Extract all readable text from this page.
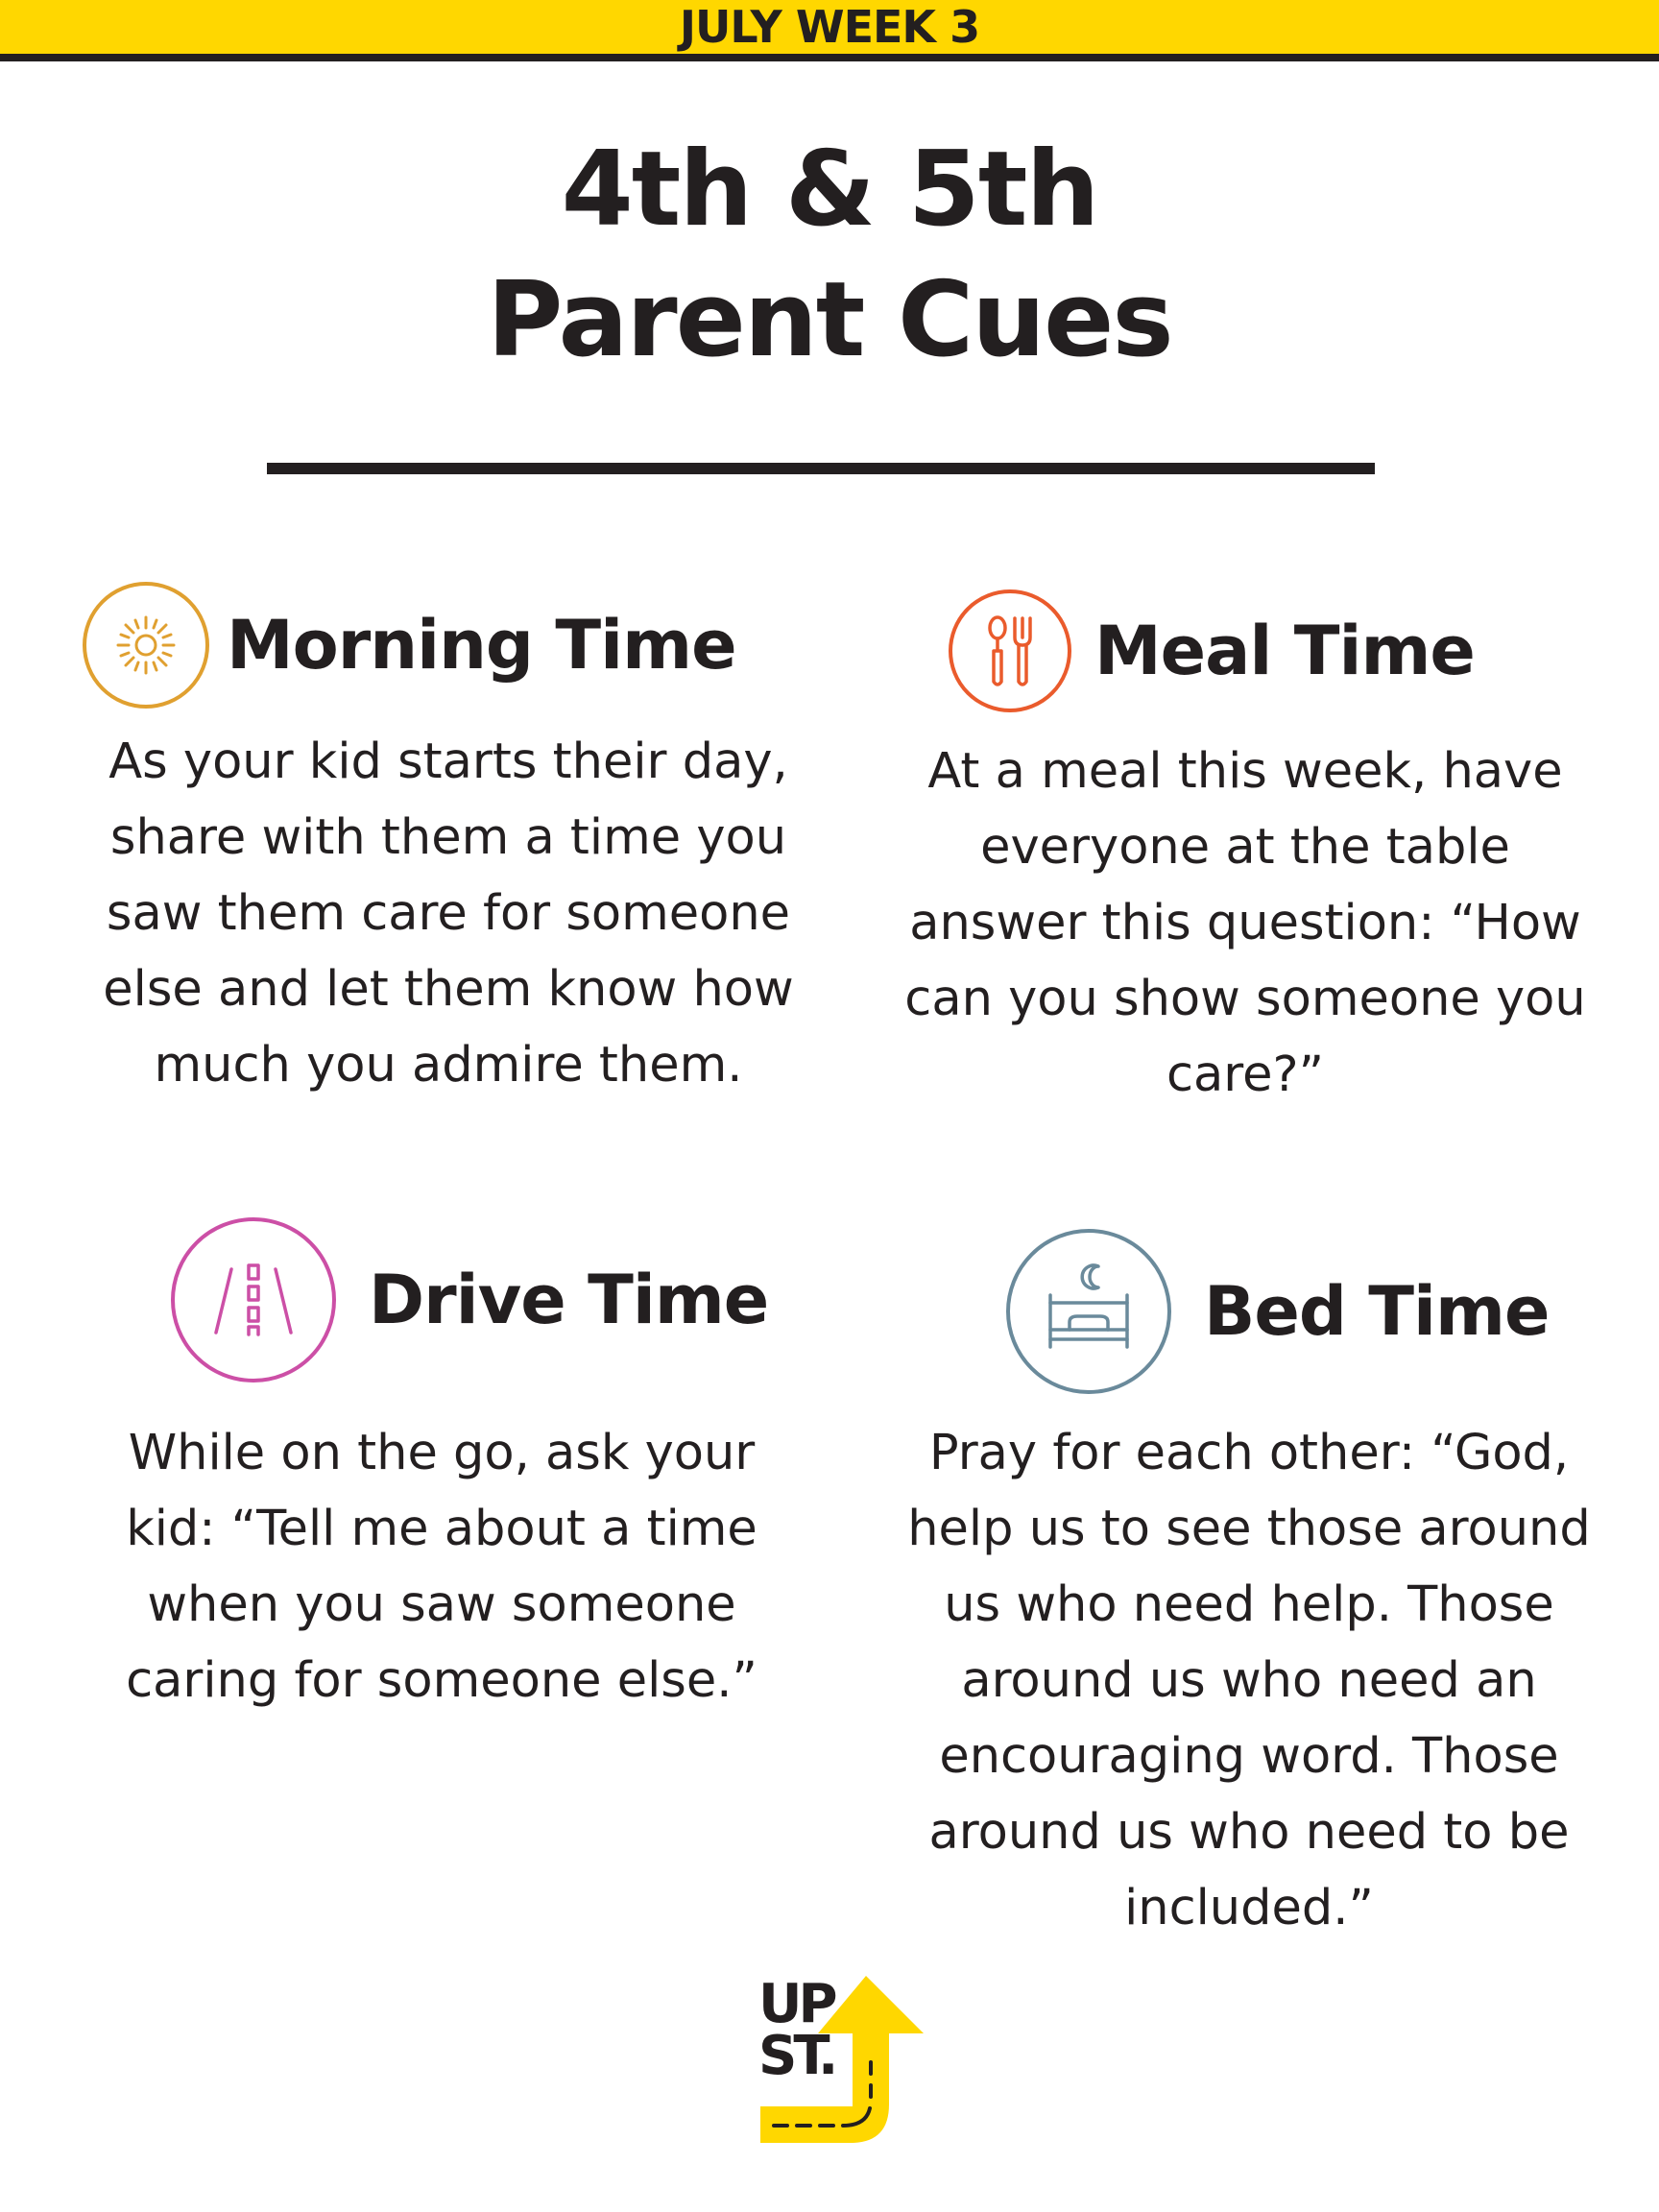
JULY WEEK 3
4th & 5th
Parent Cues
Morning Time
As your kid starts their day, share with them a time you saw them care for someone else and let them know how much you admire them.
Meal Time
At a meal this week, have everyone at the table answer this question: “How can you show someone you care?”
Drive Time
While on the go, ask your kid: “Tell me about a time when you saw someone caring for someone else.”
Bed Time
Pray for each other: “God, help us to see those around us who need help. Those around us who need an encouraging word. Those around us who need to be included.”
UP
ST.
